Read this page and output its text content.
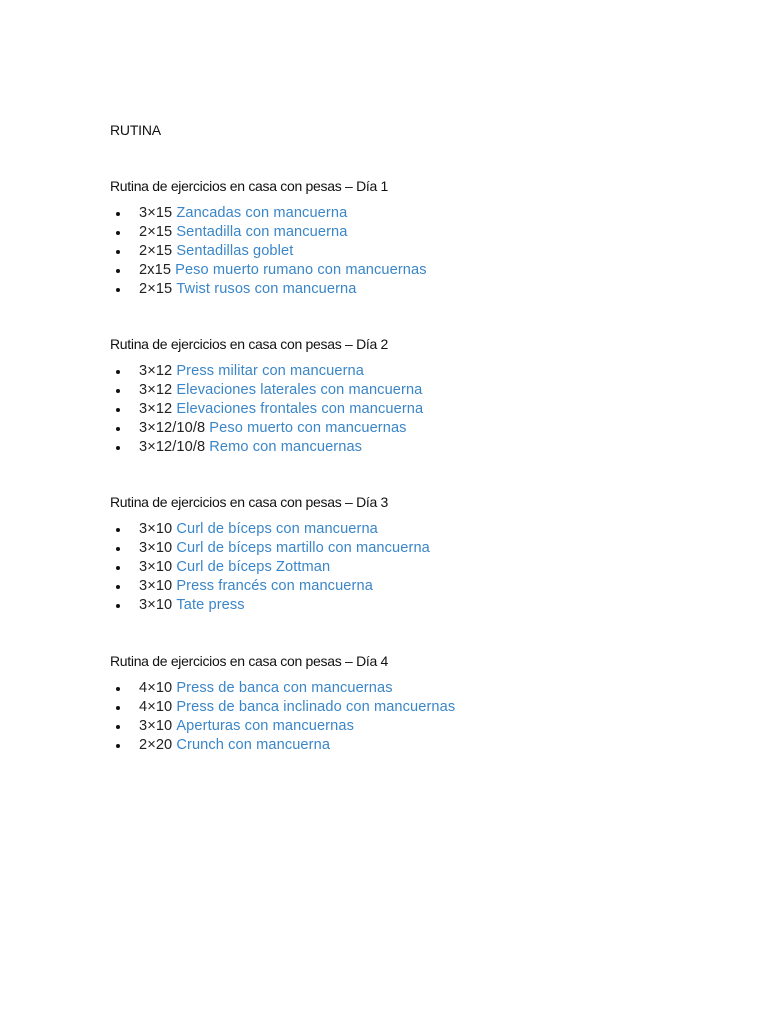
RUTINA
Rutina de ejercicios en casa con pesas – Día 1
3×15 Zancadas con mancuerna
2×15 Sentadilla con mancuerna
2×15 Sentadillas goblet
2x15 Peso muerto rumano con mancuernas
2×15 Twist rusos con mancuerna
Rutina de ejercicios en casa con pesas – Día 2
3×12 Press militar con mancuerna
3×12 Elevaciones laterales con mancuerna
3×12 Elevaciones frontales con mancuerna
3×12/10/8 Peso muerto con mancuernas
3×12/10/8 Remo con mancuernas
Rutina de ejercicios en casa con pesas – Día 3
3×10 Curl de bíceps con mancuerna
3×10 Curl de bíceps martillo con mancuerna
3×10 Curl de bíceps Zottman
3×10 Press francés con mancuerna
3×10 Tate press
Rutina de ejercicios en casa con pesas – Día 4
4×10 Press de banca con mancuernas
4×10 Press de banca inclinado con mancuernas
3×10 Aperturas con mancuernas
2×20 Crunch con mancuerna
